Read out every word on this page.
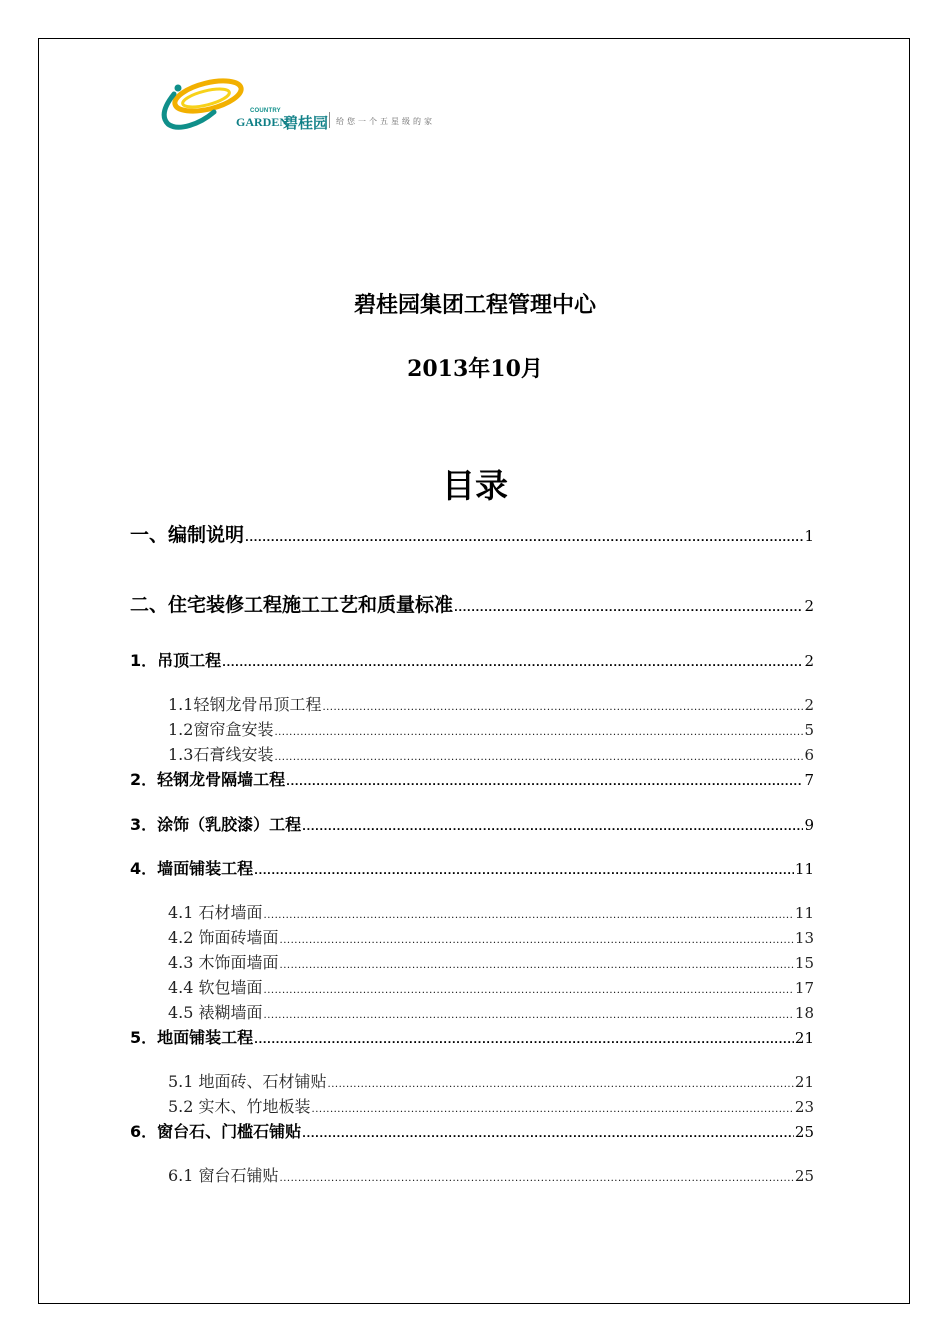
COUNTRY
GARDEN
碧桂园 给您一个五星级的家
碧桂园集团工程管理中心
2013年10月
目录
一、编制说明 .....	1
二、住宅装修工程施工工艺和质量标准 .....	2
1．吊顶工程 .....	2
1.1轻钢龙骨吊顶工程 .....	2
1.2窗帘盒安装 .....	5
1.3石膏线安装 .....	6
2．轻钢龙骨隔墙工程 .....	7
3．涂饰（乳胶漆）工程 .....	9
4．墙面铺装工程 .....	11
4.1 石材墙面 .....	11
4.2 饰面砖墙面 .....	13
4.3 木饰面墙面 .....	15
4.4 软包墙面 .....	17
4.5 裱糊墙面 .....	18
5．地面铺装工程 .....	21
5.1 地面砖、石材铺贴 .....	21
5.2 实木、竹地板装 .....	23
6．窗台石、门槛石铺贴 .....	25
6.1 窗台石铺贴 .....	25
